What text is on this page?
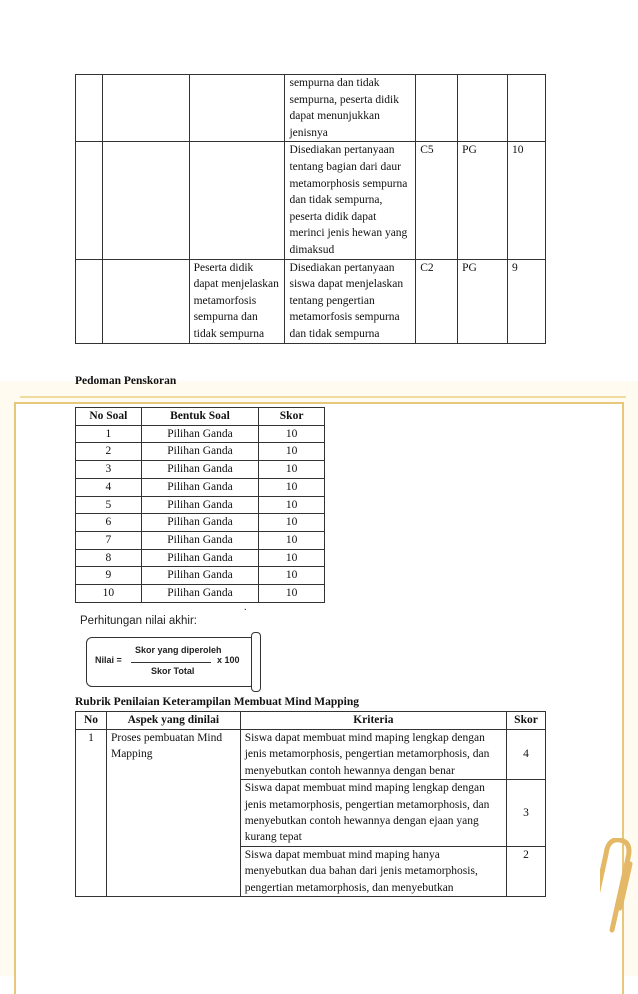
			sempurna dan tidak sempurna, peserta didik dapat menunjukkan jenisnya			
			Disediakan pertanyaan tentang bagian dari daur metamorphosis sempurna dan tidak sempurna, peserta didik dapat merinci jenis hewan yang dimaksud	C5	PG	10
		Peserta didik dapat menjelaskan metamorfosis sempurna dan tidak sempurna	Disediakan pertanyaan siswa dapat menjelaskan tentang pengertian metamorfosis sempurna dan tidak sempurna	C2	PG	9
Pedoman Penskoran
No Soal	Bentuk Soal	Skor
1	Pilihan Ganda	10
2	Pilihan Ganda	10
3	Pilihan Ganda	10
4	Pilihan Ganda	10
5	Pilihan Ganda	10
6	Pilihan Ganda	10
7	Pilihan Ganda	10
8	Pilihan Ganda	10
9	Pilihan Ganda	10
10	Pilihan Ganda	10
.
Perhitungan nilai akhir:
Nilai =
Skor yang diperoleh
Skor Total
x 100
Rubrik Penilaian Keterampilan Membuat Mind Mapping
No	Aspek yang dinilai	Kriteria	Skor
1	Proses pembuatan Mind Mapping	Siswa dapat membuat mind maping lengkap dengan jenis metamorphosis, pengertian metamorphosis, dan menyebutkan contoh hewannya dengan benar	4
		Siswa dapat membuat mind maping lengkap dengan jenis metamorphosis, pengertian metamorphosis, dan menyebutkan contoh hewannya dengan ejaan yang kurang tepat	3
		Siswa dapat membuat mind maping hanya menyebutkan dua bahan dari jenis metamorphosis, pengertian metamorphosis, dan menyebutkan	2
